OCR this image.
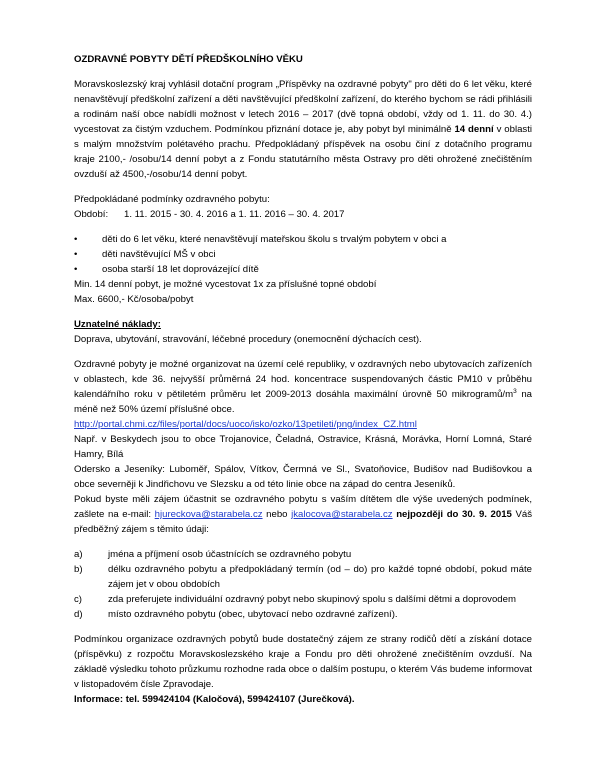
OZDRAVNÉ POBYTY DĚTÍ PŘEDŠKOLNÍHO VĚKU

Moravskoslezský kraj vyhlásil dotační program „Příspěvky na ozdravné pobyty" pro děti do 6 let věku, které nenavštěvují předškolní zařízení a děti navštěvující předškolní zařízení, do kterého bychom se rádi přihlásili a rodinám naší obce nabídli možnost v letech 2016 – 2017 (dvě topná období, vždy od 1. 11. do 30. 4.) vycestovat za čistým vzduchem. Podmínkou přiznání dotace je, aby pobyt byl minimálně 14 denní v oblasti s malým množstvím polétavého prachu. Předpokládaný příspěvek na osobu činí z dotačního programu kraje 2100,- /osobu/14 denní pobyt a z Fondu statutárního města Ostravy pro děti ohrožené znečištěním ovzduší až 4500,-/osobu/14 denní pobyt.

Předpokládané podmínky ozdravného pobytu:

Období:	1. 11. 2015 - 30. 4. 2016 a 1. 11. 2016 – 30. 4. 2017
•	děti do 6 let věku, které nenavštěvují mateřskou školu s trvalým pobytem v obci a
•	děti navštěvující MŠ v obci
•	osoba starší 18 let doprovázející dítě

Min. 14 denní pobyt, je možné vycestovat 1x za příslušné topné období

Max. 6600,- Kč/osoba/pobyt

Uznatelné náklady:

Doprava, ubytování, stravování, léčebné procedury (onemocnění dýchacích cest).

Ozdravné pobyty je možné organizovat na území celé republiky, v ozdravných nebo ubytovacích zařízeních v oblastech, kde 36. nejvyšší průměrná 24 hod. koncentrace suspendovaných částic PM10 v průběhu kalendářního roku v pětiletém průměru let 2009-2013 dosáhla maximální úrovně 50 mikrogramů/$m^3$ na méně než 50% území příslušné obce.

http://portal.chmi.cz/files/portal/docs/uoco/isko/ozko/13petileti/png/index_CZ.html

Např. v Beskydech jsou to obce Trojanovice, Čeladná, Ostravice, Krásná, Morávka, Horní Lomná, Staré Hamry, Bílá

Odersko a Jeseníky: Luboměř, Spálov, Vítkov, Čermná ve Sl., Svatoňovice, Budišov nad Budišovkou a obce severněji k Jindřichovu ve Slezsku a od této linie obce na západ do centra Jeseníků.

Pokud byste měli zájem účastnit se ozdravného pobytu s vaším dítětem dle výše uvedených podmínek, zašlete na e-mail: hjureckova@starabela.cz nebo jkalocova@starabela.cz nejpozději do 30. 9. 2015 Váš předběžný zájem s těmito údaji:

a)	jména a příjmení osob účastnících se ozdravného pobytu
b)	délku ozdravného pobytu a předpokládaný termín (od – do) pro každé topné období, pokud máte zájem jet v obou obdobích
c)	zda preferujete individuální ozdravný pobyt nebo skupinový spolu s dalšími dětmi a doprovodem
d)	místo ozdravného pobytu (obec, ubytovací nebo ozdravné zařízení).

Podmínkou organizace ozdravných pobytů bude dostatečný zájem ze strany rodičů dětí a získání dotace (příspěvku) z rozpočtu Moravskoslezského kraje a Fondu pro děti ohrožené znečištěním ovzduší. Na základě výsledku tohoto průzkumu rozhodne rada obce o dalším postupu, o kterém Vás budeme informovat v listopadovém čísle Zpravodaje.

Informace: tel. 599424104 (Kaločová), 599424107 (Jurečková).
